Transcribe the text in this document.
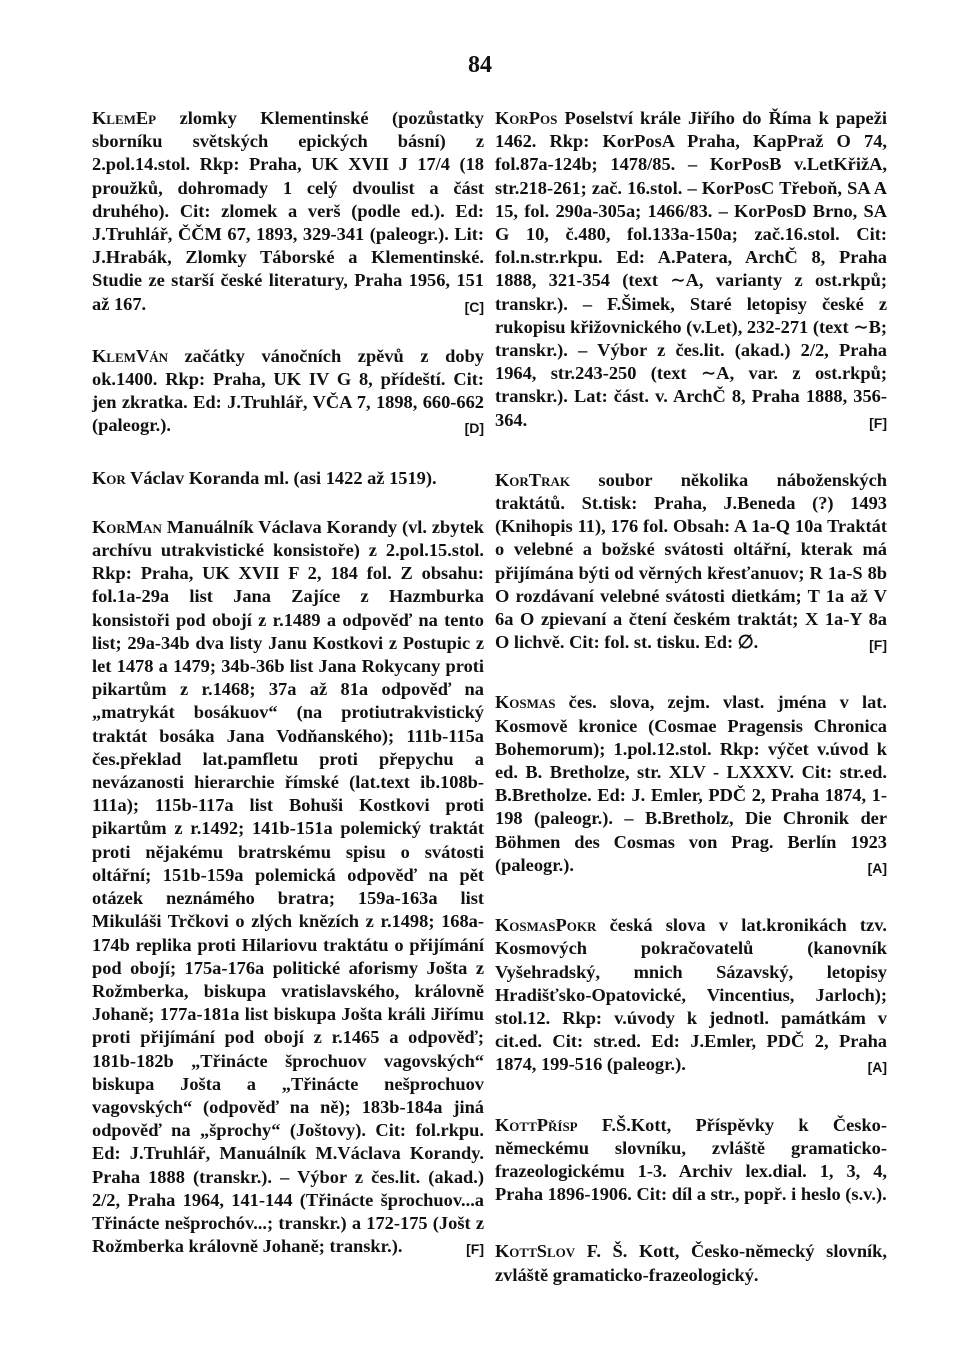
84

KlemEp zlomky Klementinské (pozůstatky sborníku světských epických básní) z 2.pol.14.stol. Rkp: Praha, UK XVII J 17/4 (18 proužků, dohromady 1 celý dvoulist a část druhého). Cit: zlomek a verš (podle ed.). Ed: J.Truhlář, ČČM 67, 1893, 329-341 (paleogr.). Lit: J.Hrabák, Zlomky Táborské a Klementinské. Studie ze starší české literatury, Praha 1956, 151 až 167.	[C]

KlemVán začátky vánočních zpěvů z doby ok.1400. Rkp: Praha, UK IV G 8, přídeští. Cit: jen zkratka. Ed: J.Truhlář, VČA 7, 1898, 660-662 (paleogr.).	[D]

Kor Václav Koranda ml. (asi 1422 až 1519).

KorMan Manuálník Václava Korandy (vl. zbytek archívu utrakvistické konsistoře) z 2.pol.15.stol. Rkp: Praha, UK XVII F 2, 184 fol. Z obsahu: fol.1a-29a list Jana Zajíce z Hazmburka konsistoři pod obojí z r.1489 a odpověď na tento list; 29a-34b dva listy Janu Kostkovi z Postupic z let 1478 a 1479; 34b-36b list Jana Rokycany proti pikartům z r.1468; 37a až 81a odpověď na „matrykát bosákuov“ (na protiutrakvistický traktát bosáka Jana Vodňanského); 111b-115a čes.překlad lat.pamfletu proti přepychu a nevázanosti hierarchie římské (lat.text ib.108b-111a); 115b-117a list Bohuši Kostkovi proti pikartům z r.1492; 141b-151a polemický traktát proti nějakému bratrskému spisu o svátosti oltářní; 151b-159a polemická odpověď na pět otázek neznámého bratra; 159a-163a list Mikuláši Trčkovi o zlých knězích z r.1498; 168a-174b replika proti Hilariovu traktátu o přijímání pod obojí; 175a-176a politické aforismy Jošta z Rožmberka, biskupa vratislavského, královně Johaně; 177a-181a list biskupa Jošta králi Jiřímu proti přijímání pod obojí z r.1465 a odpověď; 181b-182b „Třinácte šprochuov vagovských“ biskupa Jošta a „Třinácte nešprochuov vagovských“ (odpověď na ně); 183b-184a jiná odpověď na „šprochy“ (Joštovy). Cit: fol.rkpu. Ed: J.Truhlář, Manuálník M.Václava Korandy. Praha 1888 (transkr.). – Výbor z čes.lit. (akad.) 2/2, Praha 1964, 141-144 (Třinácte šprochuov...a Třinácte nešprochóv...; transkr.) a 172-175 (Jošt z Rožmberka královně Johaně; transkr.).	[F]

KorPos Poselství krále Jiřího do Říma k papeži 1462. Rkp: KorPosA Praha, KapPraž O 74, fol.87a-124b; 1478/85. – KorPosB v.LetKřižA, str.218-261; zač. 16.stol. – KorPosC Třeboň, SA A 15, fol. 290a-305a; 1466/83. – KorPosD Brno, SA G 10, č.480, fol.133a-150a; zač.16.stol. Cit: fol.n.str.rkpu. Ed: A.Patera, ArchČ 8, Praha 1888, 321-354 (text ∼A, varianty z ost.rkpů; transkr.). – F.Šimek, Staré letopisy české z rukopisu křižovnického (v.Let), 232-271 (text ∼B; transkr.). – Výbor z čes.lit. (akad.) 2/2, Praha 1964, str.243-250 (text ∼A, var. z ost.rkpů; transkr.). Lat: část. v. ArchČ 8, Praha 1888, 356-364.	[F]

KorTrak soubor několika náboženských traktátů. St.tisk: Praha, J.Beneda (?) 1493 (Knihopis 11), 176 fol. Obsah: A 1a-Q 10a Traktát o velebné a božské svátosti oltářní, kterak má přijímána býti od věrných křesťanuov; R 1a-S 8b O rozdávaní velebné svátosti dietkám; T 1a až V 6a O zpievaní a čtení českém traktát; X 1a-Y 8a O lichvě. Cit: fol. st. tisku. Ed: ∅.	[F]

Kosmas čes. slova, zejm. vlast. jména v lat. Kosmově kronice (Cosmae Pragensis Chronica Bohemorum); 1.pol.12.stol. Rkp: výčet v.úvod k ed. B. Bretholze, str. XLV - LXXXV. Cit: str.ed. B.Bretholze. Ed: J. Emler, PDČ 2, Praha 1874, 1-198 (paleogr.). – B.Bretholz, Die Chronik der Böhmen des Cosmas von Prag. Berlín 1923 (paleogr.).	[A]

KosmasPokr česká slova v lat.kronikách tzv. Kosmových pokračovatelů (kanovník Vyšehradský, mnich Sázavský, letopisy Hradišťsko-Opatovické, Vincentius, Jarloch); stol.12. Rkp: v.úvody k jednotl. památkám v cit.ed. Cit: str.ed. Ed: J.Emler, PDČ 2, Praha 1874, 199-516 (paleogr.).	[A]

KottPřísp F.Š.Kott, Příspěvky k Česko-německému slovníku, zvláště gramaticko-frazeologickému 1-3. Archiv lex.dial. 1, 3, 4, Praha 1896-1906. Cit: díl a str., popř. i heslo (s.v.).

KottSlov F. Š. Kott, Česko-německý slovník, zvláště gramaticko-frazeologický.
